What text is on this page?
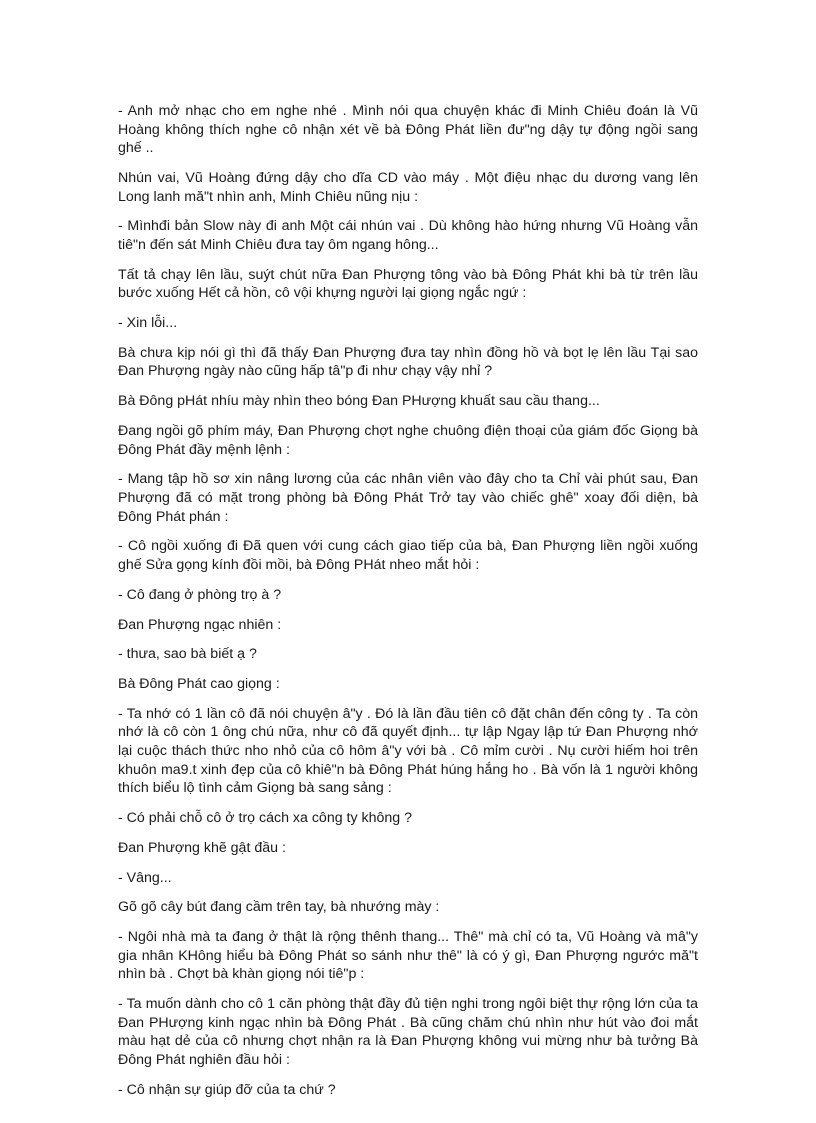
- Anh mở nhạc cho em nghe nhé . Mình nói qua chuyện khác đi Minh Chiêu đoán là Vũ Hoàng không thích nghe cô nhận xét về bà Đông Phát liền đư"ng dậy tự động ngồi sang ghế ..

Nhún vai, Vũ Hoàng đứng dậy cho dĩa CD vào máy . Một điệu nhạc du dương vang lên Long lanh mă"t nhìn anh, Minh Chiêu nũng nịu :

- Mìnhđi bản Slow này đi anh Một cái nhún vai . Dù không hào hứng nhưng Vũ Hoàng vẫn tiê"n đến sát Minh Chiêu đưa tay ôm ngang hông...

Tất tả chạy lên lầu, suýt chút nữa Đan Phượng tông vào bà Đông Phát khi bà từ trên lầu bước xuống Hết cả hồn, cô vội khựng người lại giọng ngắc ngứ :

- Xin lỗi...

Bà chưa kịp nói gì thì đã thấy Đan Phượng đưa tay nhìn đồng hồ và bọt lẹ lên lầu Tại sao Đan Phượng ngày nào cũng hấp tâ"p đi như chạy vậy nhỉ ?

Bà Đông pHát nhíu mày nhìn theo bóng Đan PHượng khuất sau cầu thang...

Đang ngồi gõ phím máy, Đan Phượng chợt nghe chuông điện thoại của giám đốc Giọng bà Đông Phát đầy mệnh lệnh :

- Mang tập hồ sơ xin nâng lương của các nhân viên vào đây cho ta Chỉ vài phút sau, Đan Phượng đã có mặt trong phòng bà Đông Phát Trở tay vào chiếc ghê" xoay đối diện, bà Đông Phát phán :

- Cô ngồi xuống đi Đã quen với cung cách giao tiếp của bà, Đan Phượng liền ngồi xuống ghế Sửa gọng kính đồi mồi, bà Đông PHát nheo mắt hỏi :

- Cô đang ở phòng trọ à ?

Đan Phượng ngạc nhiên :

- thưa, sao bà biết ạ ?

Bà Đông Phát cao giọng :

- Ta nhớ có 1 lần cô đã nói chuyện â"y . Đó là lần đầu tiên cô đặt chân đến công ty . Ta còn nhớ là cô còn 1 ông chú nữa, như cô đã quyết định... tự lập Ngay lập tứ Đan Phượng nhớ lại cuộc thách thức nho nhỏ của cô hôm â"y với bà . Cô mỉm cười . Nụ cười hiếm hoi trên khuôn ma9.t xinh đẹp của cô khiê"n bà Đông Phát húng hắng ho . Bà vốn là 1 người không thích biểu lộ tình cảm Giọng bà sang sảng :

- Có phải chỗ cô ở trọ cách xa công ty không ?

Đan Phượng khẽ gật đầu :

- Vâng...

Gõ gõ cây bút đang cầm trên tay, bà nhướng mày :

- Ngôi nhà mà ta đang ở thật là rộng thênh thang... Thê" mà chỉ có ta, Vũ Hoàng và mâ"y gia nhân KHông hiểu bà Đông Phát so sánh như thê" là có ý gì, Đan Phượng ngước mă"t nhìn bà . Chợt bà khàn giọng nói tiê"p :

- Ta muốn dành cho cô 1 căn phòng thật đầy đủ tiện nghi trong ngôi biệt thự rộng lớn của ta Đan PHượng kinh ngạc nhìn bà Đông Phát . Bà cũng chăm chú nhìn như hút vào đoi mắt màu hạt dẻ của cô nhưng chợt nhận ra là Đan Phượng không vui mừng như bà tưởng Bà Đông Phát nghiên đầu hỏi :

- Cô nhận sự giúp đỡ của ta chứ ?
